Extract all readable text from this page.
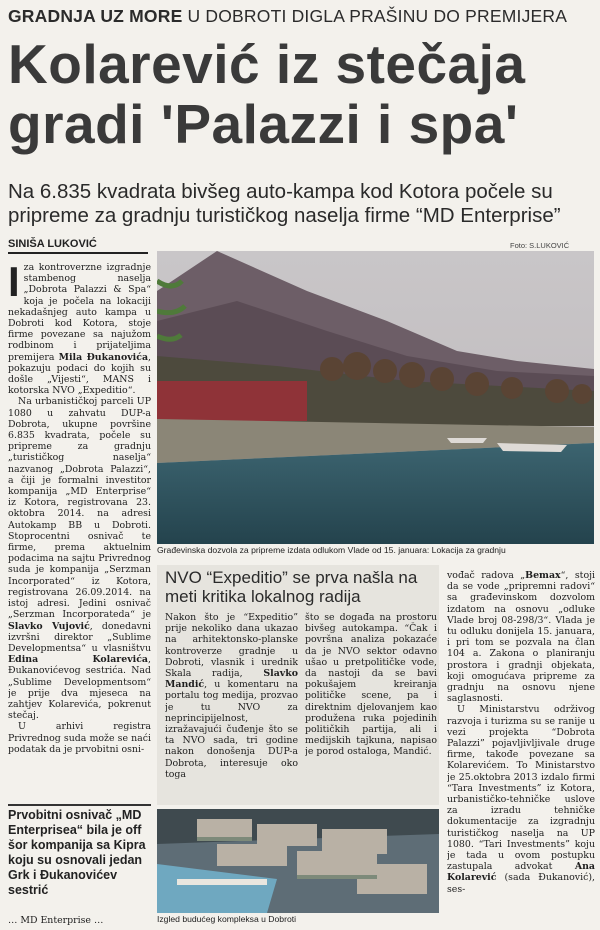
GRADNJA UZ MORE U DOBROTI DIGLA PRAŠINU DO PREMIJERA
Kolarević iz stečaja
gradi 'Palazzi i spa'
Na 6.835 kvadrata bivšeg auto-kampa kod Kotora počele su pripreme za gradnju turističkog naselja firme “MD Enterprise”
SINIŠA LUKOVIĆ	Foto: S.LUKOVIĆ
Građevinska dozvola za pripreme izdata odlukom Vlade od 15. januara: Lokacija za gradnju
I za kontroverzne izgradnje stambenog naselja „Dobrota Palazzi & Spa“ koja je počela na lokaciji nekadašnjeg auto kampa u Dobroti kod Kotora, stoje firme povezane sa najužom rodbinom i prijateljima premijera Mila Đukanovića, pokazuju podaci do kojih su došle „Vijesti“, MANS i kotorska NVO „Expeditio“.

Na urbanističkoj parceli UP 1080 u zahvatu DUP-a Dobrota, ukupne površine 6.835 kvadrata, počele su pripreme za gradnju „turističkog naselja“ nazvanog „Dobrota Palazzi“, a čiji je formalni investitor kompanija „MD Enterprise“ iz Kotora, registrovana 23. oktobra 2014. na adresi Autokamp BB u Dobroti. Stoprocentni osnivač te firme, prema aktuelnim podacima na sajtu Privrednog suda je kompanija „Serzman Incorporated“ iz Kotora, registrovana 26.09.2014. na istoj adresi. Jedini osnivač „Serzman Incorporateda“ je Slavko Vujović, donedavni izvršni direktor „Sublime Developmentsa“ u vlasništvu Edina Kolarevića, Đukanovićevog sestrića. Nad „Sublime Developmentsom“ je prije dva mjeseca na zahtjev Kolarevića, pokrenut stečaj.

U arhivi registra Privrednog suda može se naći podatak da je prvobitni osni-

NVO “Expeditio” se prva našla na meti kritika lokalnog radija

Nakon što je “Expeditio” prije nekoliko dana ukazao na arhitektonsko-planske kontroverze gradnje u Dobroti, vlasnik i urednik Skala radija, Slavko Mandić, u komentaru na portalu tog medija, prozvao je tu NVO za neprincipijelnost, izražavajući čuđenje što se ta NVO sada, tri godine nakon donošenja DUP-a Dobrota, interesuje oko toga

što se događa na prostoru bivšeg autokampa. “Čak i površna analiza pokazaće da je NVO sektor odavno ušao u pretpolitičke vode, da nastoji da se bavi pokušajem kreiranja političke scene, pa i direktnim djelovanjem kao produžena ruka pojedinih političkih partija, ali i medijskih tajkuna, napisao je porod ostaloga, Mandić.

vođač radova „Bemax“, stoji da se vode „pripremni radovi“ sa građevinskom dozvolom izdatom na osnovu „odluke Vlade broj 08-298/3“. Vlada je tu odluku donijela 15. januara, i pri tom se pozvala na član 104 a. Zakona o planiranju prostora i gradnji objekata, koji omogućava pripreme za gradnju na osnovu njene saglasnosti.

U Ministarstvu održivog razvoja i turizma su se ranije u vezi projekta “Dobrota Palazzi” pojavljivljivale druge firme, takođe povezane sa Kolarevićem. To Ministarstvo je 25.oktobra 2013 izdalo firmi “Tara Investments” iz Kotora, urbanističko-tehničke uslove za izradu tehničke dokumentacije za izgradnju turističkog naselja na UP 1080. “Tari Investments” koju je tada u ovom postupku zastupala advokat Ana Kolarević (sada Đukanović), ses-

Prvobitni osnivač „MD Enterprisea“ bila je off šor kompanija sa Kipra koju su osnovali jedan Grk i Đukanovićev sestrić
… MD Enterprise …	Izgled budućeg kompleksa u Dobroti
